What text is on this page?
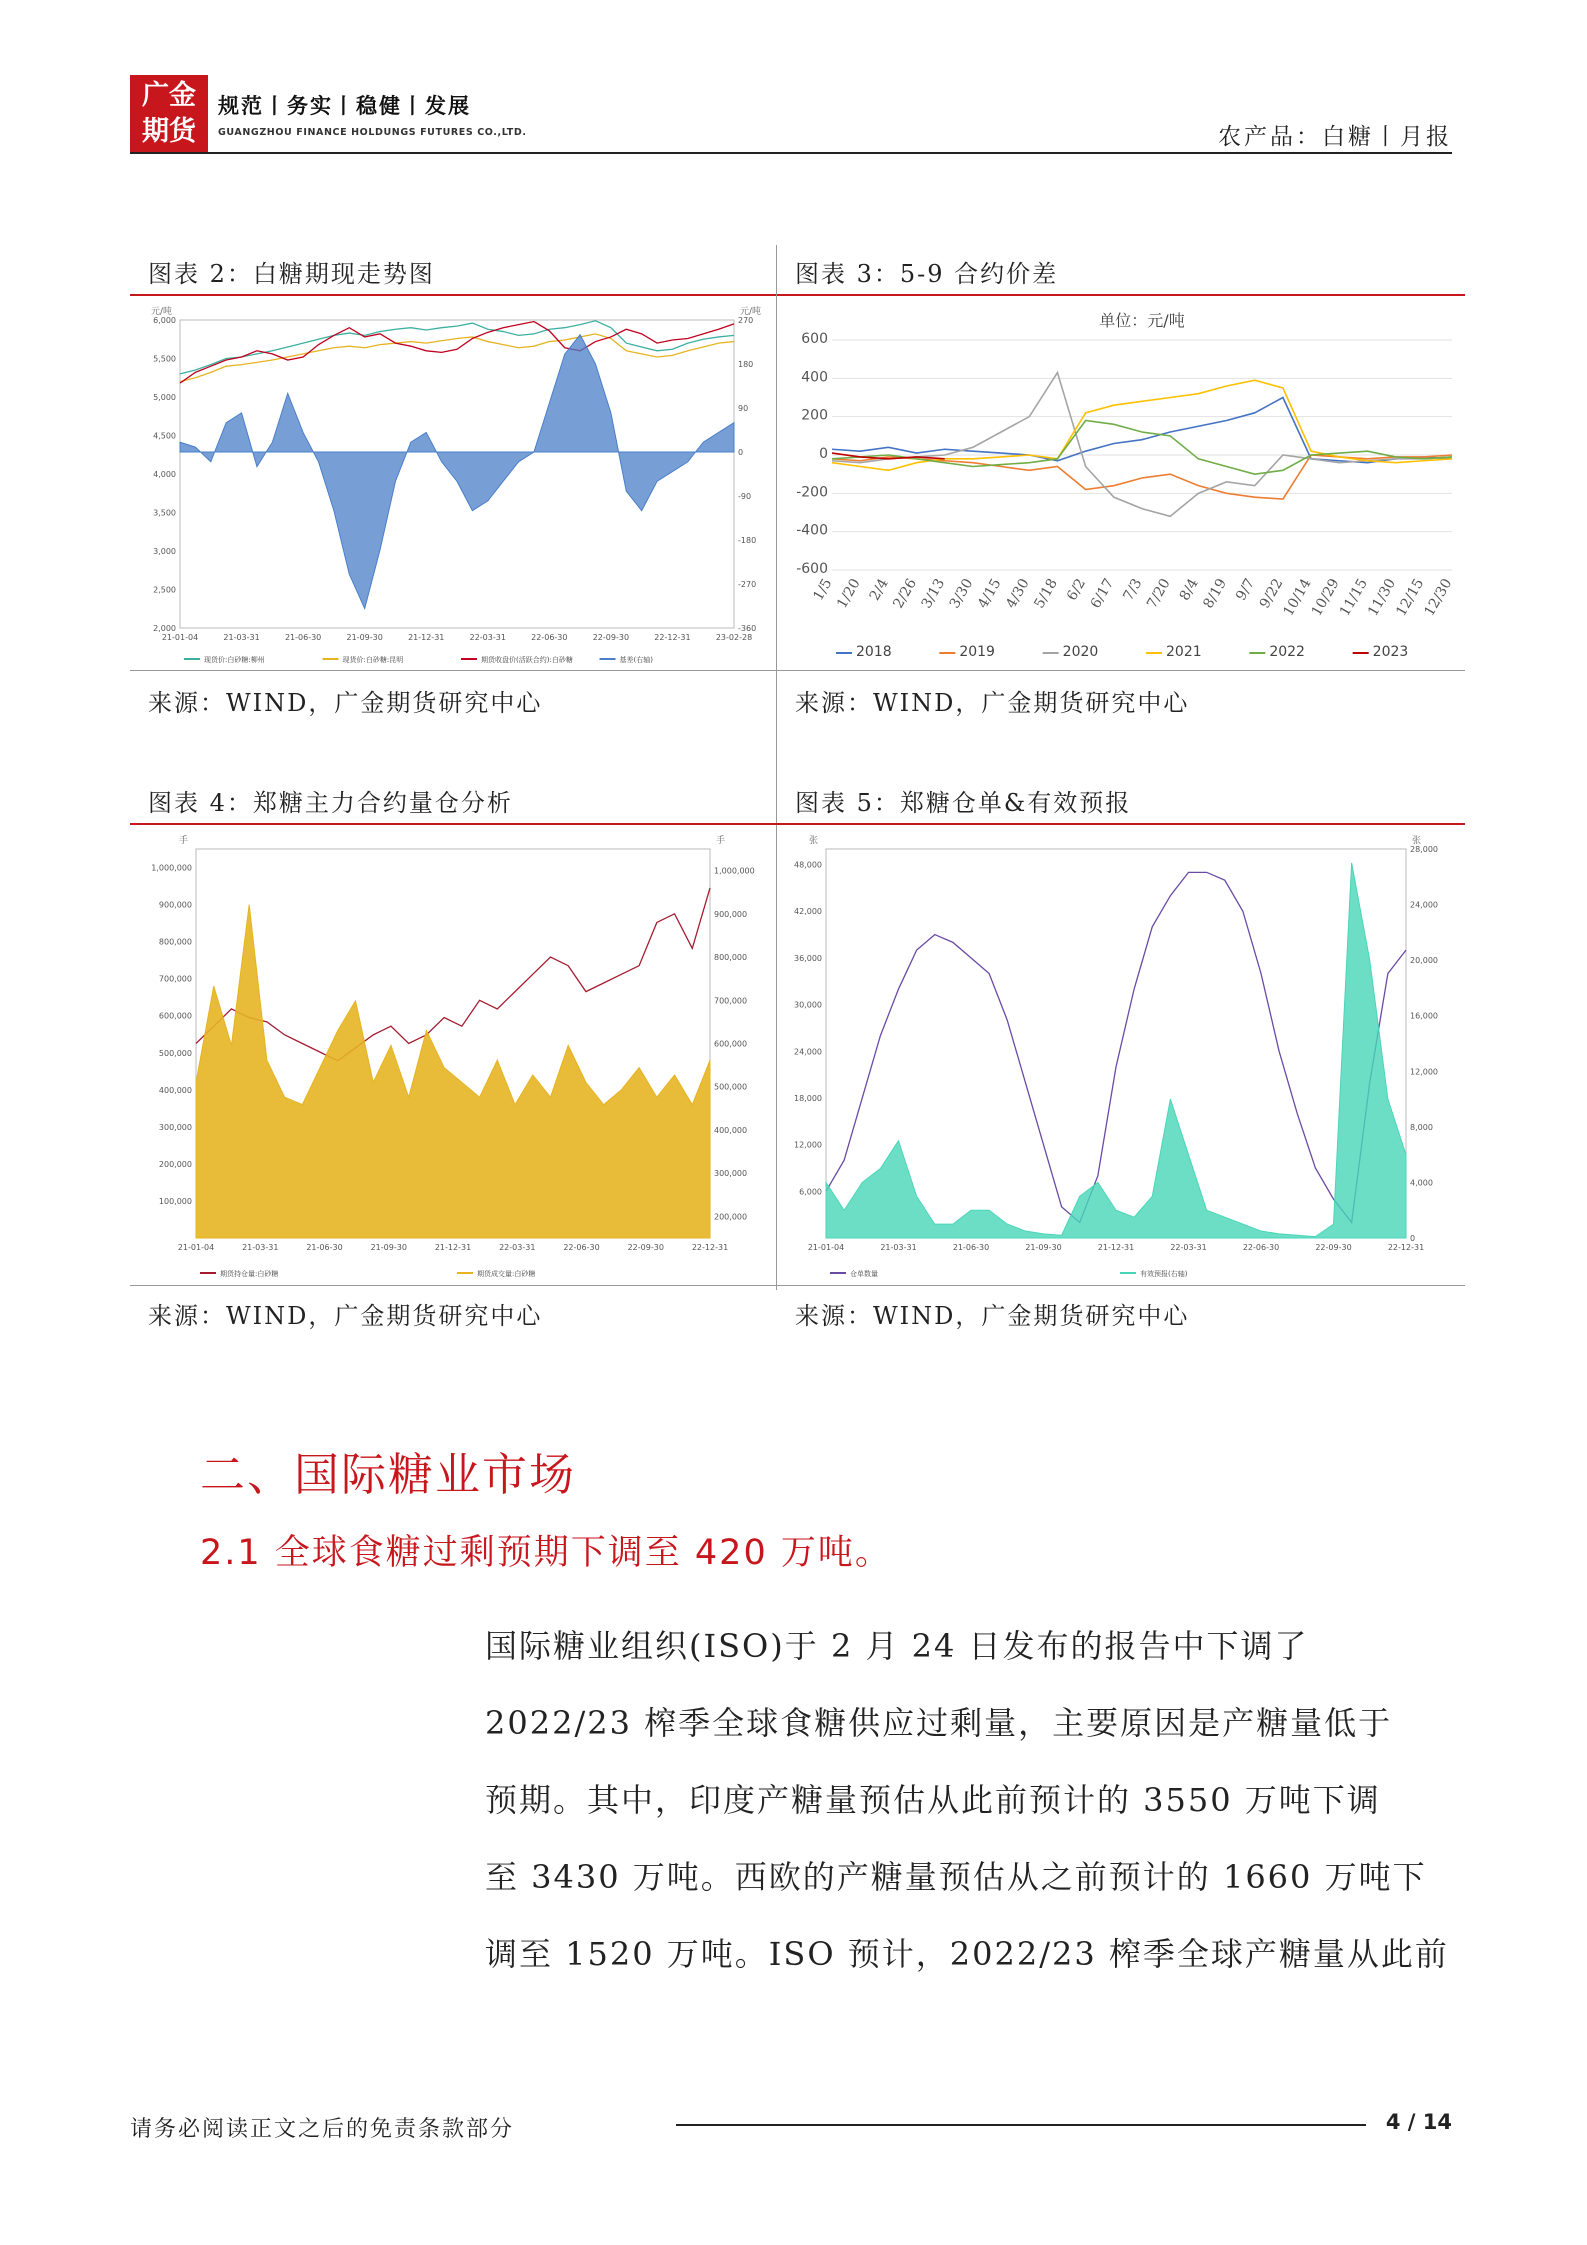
广金
期货
规范丨务实丨稳健丨发展
GUANGZHOU FINANCE HOLDUNGS FUTURES CO.,LTD.	农产品：白糖丨月报
图表 2：白糖期现走势图	图表 3：5-9 合约价差
元/吨	元/吨
2,000
2,500
3,000
3,500
4,000
4,500
5,000
5,500
6,000
-360
-270
-180
-90
0
90
180
270
21-01-04	21-03-31	21-06-30	21-09-30	21-12-31	22-03-31	22-06-30	22-09-30	22-12-31	23-02-28
现货价:白砂糖:柳州	现货价:白砂糖:昆明	期货收盘价(活跃合约):白砂糖	基差(右轴)
单位：元/吨
600
400
200
0
-200
-400
-600
1/5
1/20 2/4
2/26
3/13
3/30
4/15
4/30
5/18 6/2
6/17 7/3
7/20 8/4
8/19 9/7
9/22
10/14
10/29
11/15
11/30
12/15
12/30
2018	2019	2020	2021	2022	2023
来源：WIND，广金期货研究中心	来源：WIND，广金期货研究中心
图表 4：郑糖主力合约量仓分析	图表 5：郑糖仓单&有效预报
手	手
100,000
200,000
300,000
400,000
500,000
600,000
700,000
800,000
900,000
1,000,000
200,000
300,000
400,000
500,000
600,000
700,000
800,000
900,000
1,000,000
21-01-04	21-03-31	21-06-30	21-09-30	21-12-31	22-03-31	22-06-30	22-09-30	22-12-31
期货持仓量:白砂糖	期货成交量:白砂糖
张	张
6,000
12,000
18,000
24,000
30,000
36,000
42,000
48,000
0
4,000
8,000
12,000
16,000
20,000
24,000
28,000
21-01-04	21-03-31	21-06-30	21-09-30	21-12-31	22-03-31	22-06-30	22-09-30	22-12-31
仓单数量	有效预报(右轴)
来源：WIND，广金期货研究中心	来源：WIND，广金期货研究中心
二、国际糖业市场
2.1 全球食糖过剩预期下调至 420 万吨。
国际糖业组织(ISO)于 2 月 24 日发布的报告中下调了
2022/23 榨季全球食糖供应过剩量，主要原因是产糖量低于
预期。其中，印度产糖量预估从此前预计的 3550 万吨下调
至 3430 万吨。西欧的产糖量预估从之前预计的 1660 万吨下
调至 1520 万吨。ISO 预计，2022/23 榨季全球产糖量从此前
请务必阅读正文之后的免责条款部分	4 / 14
